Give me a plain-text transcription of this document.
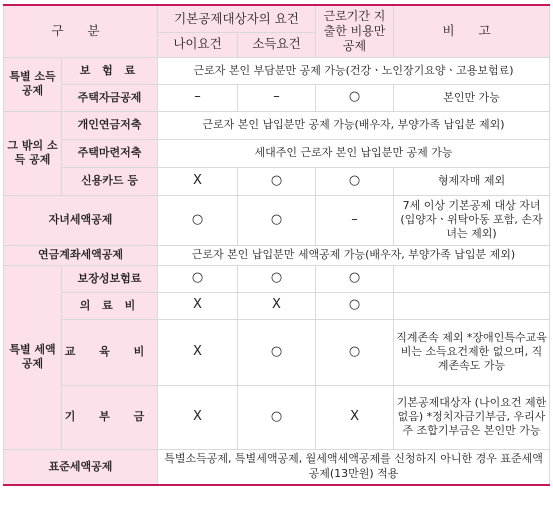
구 분		기본공제대상자의 요건		근로기간 지출한 비용만 공제	비 고
		나이요건	소득요건		
특별 소득 공제	보 험 료	근로자 본인 부담분만 공제 가능(건강ㆍ노인장기요양ㆍ고용보험료)			
	주택자금공제	–	–	○	본인만 가능
그 밖의 소득 공제	개인연금저축	근로자 본인 납입분만 공제 가능(배우자, 부양가족 납입분 제외)			
	주택마련저축	세대주인 근로자 본인 납입분만 공제 가능			
	신용카드 등	X	○	○	형제자매 제외
자녀세액공제		○	○	–	7세 이상 기본공제 대상 자녀 (입양자ㆍ위탁아동 포함, 손자녀는 제외)
연금계좌세액공제		근로자 본인 납입분만 세액공제 가능(배우자, 부양가족 납입분 제외)			
특별 세액 공제	보장성보험료	○	○	○	
	의 료 비	X	X	○	
	교 육 비	X	○	○	직계존속 제외 *장애인특수교육비는 소득요건제한 없으며, 직계존속도 가능
	기 부 금	X	○	X	기본공제대상자 (나이요건 제한 없음) *정치자금기부금, 우리사주 조합기부금은 본인만 가능
표준세액공제		특별소득공제, 특별세액공제, 월세액세액공제를 신청하지 아니한 경우 표준세액공제(13만원) 적용			
